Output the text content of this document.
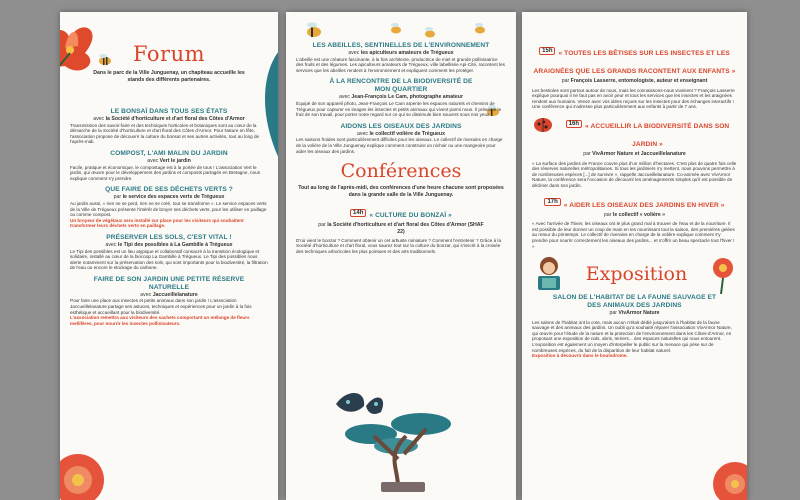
Forum
Dans le parc de la Ville Junguenay, un chapiteau accueille les stands des différents partenaires.
LE BONSAÏ DANS TOUS SES ÉTATS
avec la Société d'horticulture et d'art floral des Côtes d'Armor
Transmission des savoir-faire et des techniques horticoles et botaniques sont au cœur de la démarche de la Société d'horticulture et d'art floral des Côtes d'Armor. Pour Nature en fête, l'association propose de découvrir la culture du bonsaï et ses autres activités, tout au long de l'après-midi.
COMPOST, L'AMI MALIN DU JARDIN
avec Vert le jardin
Facile, pratique et économique, le compostage est à la portée de tous ! L'association Vert le jardin, qui œuvre pour le développement des jardins et composts partagés en Bretagne, nous explique comment s'y prendre.
QUE FAIRE DE SES DÉCHETS VERTS ?
par le service des espaces verts de Trégueux
Au jardin aussi, « rien ne se perd, rien ne se créé, tout se transforme ». Le service espaces verts de la Ville de Trégueux présente l'intérêt de broyer ses déchets verts, pour les utiliser en paillage ou comme compost.
Un broyeur de végétaux sera installé sur place pour les visiteurs qui souhaitent transformer leurs déchets verts en paillage.
PRÉSERVER LES SOLS, C'EST VITAL !
avec le Tipi des possibles à La Gambille à Trégueux
Le Tipi des possibles est un lieu atypique et collaboratif consacré à la transition écologique et solidaire, installé au cœur de la biocoop La Gambille à Trégueux. Le Tipi des possibles nous alerte notamment sur la préservation des sols, qui sont importants pour la biodiversité, la filtration de l'eau ou encore le stockage du carbone.
FAIRE DE SON JARDIN UNE PETITE RÉSERVE NATURELLE
avec Jaccueillelanature
Pour faire une place aux insectes et petits animaux dans son jardin ! L'association Jaccueillelanature partage ses astuces, techniques et expériences pour un jardin à la fois esthétique et accueillant pour la biodiversité.
L'association remettra aux visiteurs des sachets comportant un mélange de fleurs mellifères, pour nourrir les insectes pollinisateurs.
LES ABEILLES, SENTINELLES DE L'ENVIRONNEMENT
avec les apiculteurs amateurs de Trégueux
L'abeille est une créature fascinante, à la fois architecte, productrice de miel et grande pollinisatrice des fruits et des légumes. Les apiculteurs amateurs de Trégueux, ville labellisée Api-Cité, racontent les services que les abeilles rendent à l'environnement et expliquent comment les protéger.
À LA RENCONTRE DE LA BIODIVERSITÉ DE MON QUARTIER
avec Jean-François Le Cam, photographe amateur
Équipé de son appareil photo, Jean-François Le Cam arpente les espaces naturels et chemins de Trégueux pour capturer en images les insectes et petits animaux qui vivent parmi nous. Il présente le fruit de son travail, pour porter notre regard sur ce qui se dissimule bien souvent sous nos yeux.
AIDONS LES OISEAUX DES JARDINS
avec le collectif volière de Trégueux
Les saisons froides sont particulièrement difficiles pour les oiseaux. Le collectif de riverains en charge de la volière de la Ville Junguenay explique comment construire un nichoir ou une mangeoire pour aider les oiseaux des jardins.
Conférences
Tout au long de l'après-midi, des conférences d'une heure chacune sont proposées dans la grande salle de la Ville Junguenay.
14h « CULTURE DU BONZAÏ »
par la Société d'horticulture et d'art floral des Côtes d'Armor (SHAF 22)
D'où vient le bonzaï ? Comment obtenir un cet arbuste miniature ? Comment l'entretenir ? Grâce à la Société d'horticulture et d'art floral, vous saurez tout sur la culture du bonzaï, qui s'inscrit à la croisée des techniques arboricoles les plus pointues et des arts traditionnels.
15h « TOUTES LES BÊTISES SUR LES INSECTES ET LES ARAIGNÉES QUE LES GRANDS RACONTENT AUX ENFANTS »
par François Lasserre, entomologiste, auteur et enseignant
Les bestioles sont partout autour de nous, mais les connaissons-nous vraiment ? François Lasserre explique pourquoi il ne faut pas en avoir peur et tous les services que les insectes et les araignées rendent aux humains. Venez avec vos idées reçues sur les insectes pour des échanges interactifs ! Une conférence qui s'adresse plus particulièrement aux enfants à partir de 7 ans.
16h « ACCUEILLIR LA BIODIVERSITÉ DANS SON JARDIN »
par VivArmor Nature et Jaccueillelanature
« La surface des jardins de France couvre plus d'un million d'hectares. C'est plus de quatre fois celle des réserves naturelles métropolitaines. Si tous les jardiniers s'y mettent, nous pouvons permettre à de nombreuses espèces [...] de survivre », rappelle Jaccueillelanature. Co-animée avec VivArmor Nature, la conférence sera l'occasion de découvrir les aménagements simples qu'il est possible de décliner dans son jardin.
17h « AIDER LES OISEAUX DES JARDINS EN HIVER »
par le collectif « volière »
« Avec l'arrivée de l'hiver, les oiseaux ont le plus grand mal à trouver de l'eau et de la nourriture. Il est possible de leur donner un coup de main en les nourrissant tout la saison, des premières gelées au retour du printemps. Le collectif de riverains en charge de la volière explique comment s'y prendre pour nourrir correctement les oiseaux des jardins... et s'offrir un beau spectacle tout l'hiver ! »
Exposition
SALON DE L'HABITAT DE LA FAUNE SAUVAGE ET DES ANIMAUX DES JARDINS
par VivArmor Nature
Les salons de l'habitat ont la cote, mais aucun n'était dédié jusqu'alors à l'habitat de la faune sauvage et des animaux des jardins. Un oubli qu'a souhaité réparer l'association VivArmor Nature, qui œuvre pour l'étude de la nature et la protection de l'environnement dans les Côtes-d'Armor, en proposant une exposition de nids, abris, terriers... des espaces naturelles qui nous entourent. L'exposition est également un moyen d'interpeller le public sur la menace qui pèse sur de nombreuses espèces, du fait de la disparition de leur habitat naturel.
Exposition à découvrir dans le boulodrome.
